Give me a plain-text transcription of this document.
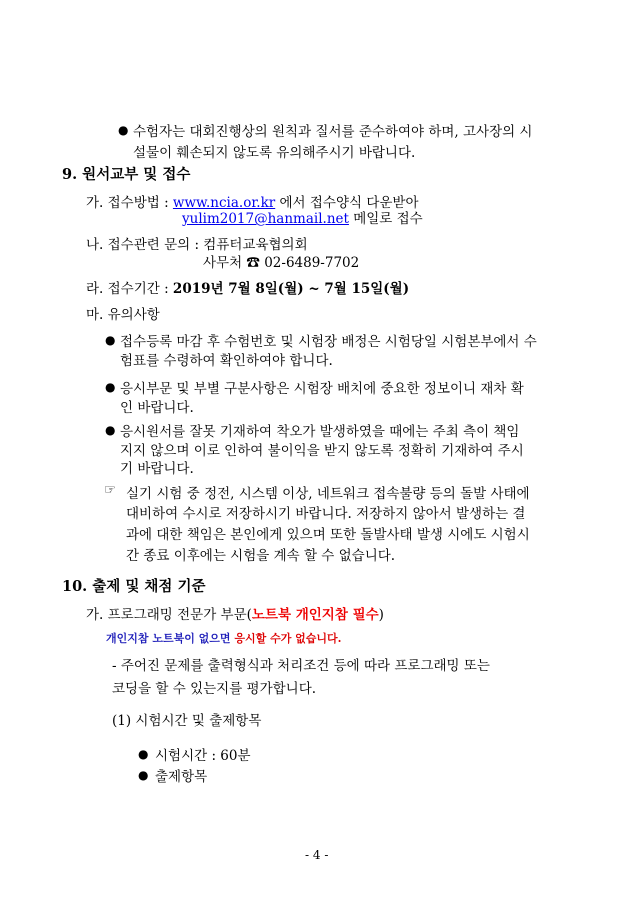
● 수험자는 대회진행상의 원칙과 질서를 준수하여야 하며, 고사장의 시
설물이 훼손되지 않도록 유의해주시기 바랍니다.
9. 원서교부 및 접수
가. 접수방법 : www.ncia.or.kr 에서 접수양식 다운받아
yulim2017@hanmail.net 메일로 접수
나. 접수관련 문의 : 컴퓨터교육협의회
사무처 ☎ 02-6489-7702
라. 접수기간 : 2019년 7월 8일(월) ~ 7월 15일(월)
마. 유의사항
● 접수등록 마감 후 수험번호 및 시험장 배정은 시험당일 시험본부에서 수
험표를 수령하여 확인하여야 합니다.
● 응시부문 및 부별 구분사항은 시험장 배치에 중요한 정보이니 재차 확
인 바랍니다.
● 응시원서를 잘못 기재하여 착오가 발생하였을 때에는 주최 측이 책임
지지 않으며 이로 인하여 불이익을 받지 않도록 정확히 기재하여 주시
기 바랍니다.
☞ 실기 시험 중 정전, 시스템 이상, 네트워크 접속불량 등의 돌발 사태에
대비하여 수시로 저장하시기 바랍니다. 저장하지 않아서 발생하는 결
과에 대한 책임은 본인에게 있으며 또한 돌발사태 발생 시에도 시험시
간 종료 이후에는 시험을 계속 할 수 없습니다.
10. 출제 및 채점 기준
가. 프로그래밍 전문가 부문(노트북 개인지참 필수)
개인지참 노트북이 없으면 응시할 수가 없습니다.
- 주어진 문제를 출력형식과 처리조건 등에 따라 프로그래밍 또는
코딩을 할 수 있는지를 평가합니다.
(1) 시험시간 및 출제항목
● 시험시간 : 60분
● 출제항목
- 4 -
